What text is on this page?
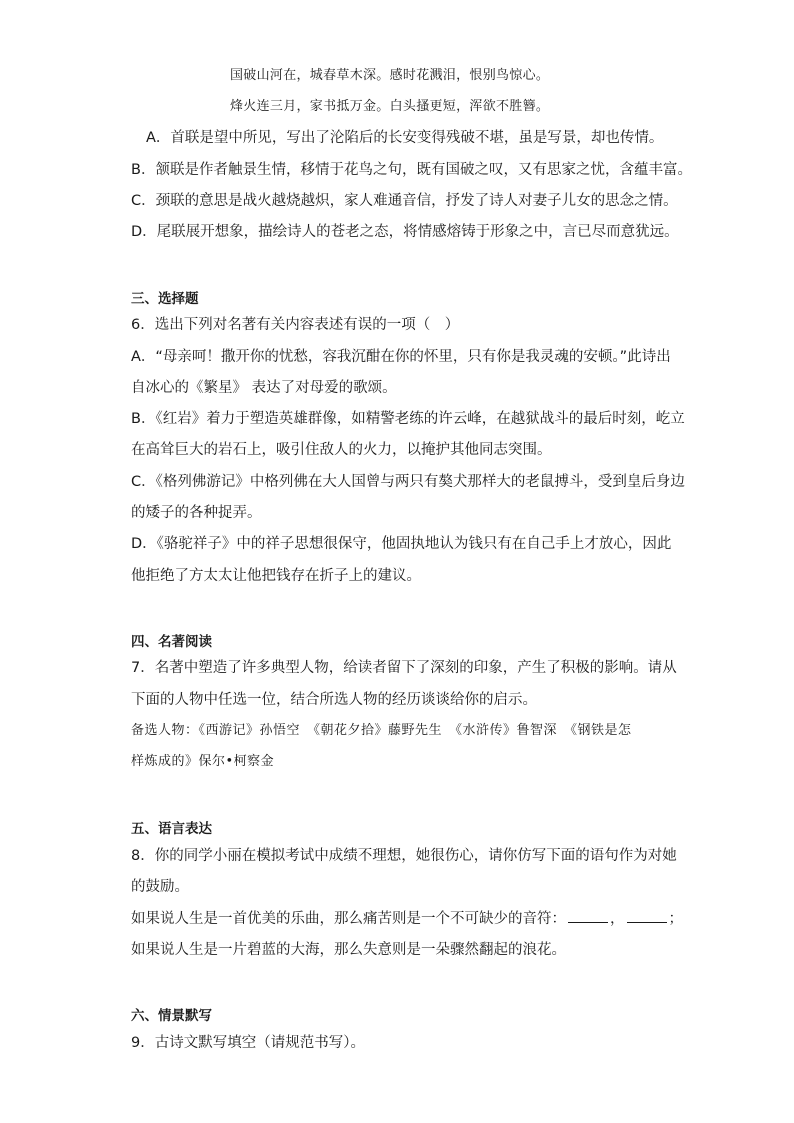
国破山河在，城春草木深。感时花溅泪，恨别鸟惊心。
烽火连三月，家书抵万金。白头搔更短，浑欲不胜簪。
A．首联是望中所见，写出了沦陷后的长安变得残破不堪，虽是写景，却也传情。
B．颔联是作者触景生情，移情于花鸟之句，既有国破之叹，又有思家之忧，含蕴丰富。
C．颈联的意思是战火越烧越炽，家人难通音信，抒发了诗人对妻子儿女的思念之情。
D．尾联展开想象，描绘诗人的苍老之态，将情感熔铸于形象之中，言已尽而意犹远。
三、选择题
6．选出下列对名著有关内容表述有误的一项（　）
A．“母亲呵！撒开你的忧愁，容我沉酣在你的怀里，只有你是我灵魂的安顿。”此诗出
自冰心的《繁星》 表达了对母爱的歌颂。
B．《红岩》着力于塑造英雄群像，如精警老练的许云峰，在越狱战斗的最后时刻，屹立
在高耸巨大的岩石上，吸引住敌人的火力，以掩护其他同志突围。
C．《格列佛游记》中格列佛在大人国曾与两只有獒犬那样大的老鼠搏斗，受到皇后身边
的矮子的各种捉弄。
D．《骆驼祥子》中的祥子思想很保守，他固执地认为钱只有在自己手上才放心，因此
他拒绝了方太太让他把钱存在折子上的建议。
四、名著阅读
7．名著中塑造了许多典型人物，给读者留下了深刻的印象，产生了积极的影响。请从
下面的人物中任选一位，结合所选人物的经历谈谈给你的启示。
备选人物：《西游记》孙悟空　《朝花夕拾》藤野先生　《水浒传》鲁智深　《钢铁是怎
样炼成的》保尔•柯察金
五、语言表达
8．你的同学小丽在模拟考试中成绩不理想，她很伤心，请你仿写下面的语句作为对她
的鼓励。
如果说人生是一首优美的乐曲，那么痛苦则是一个不可缺少的音符：	，	；
如果说人生是一片碧蓝的大海，那么失意则是一朵骤然翻起的浪花。
六、情景默写
9．古诗文默写填空（请规范书写）。
